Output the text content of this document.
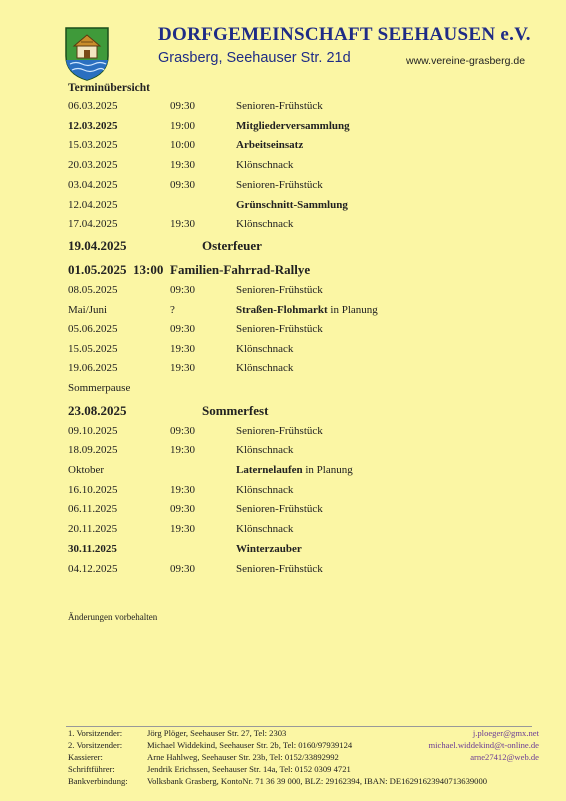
DORFGEMEINSCHAFT SEEHAUSEN e.V.
Grasberg, Seehauser Str. 21d	www.vereine-grasberg.de
Terminübersicht
06.03.2025	09:30	Senioren-Frühstück
12.03.2025	19:00	Mitgliederversammlung
15.03.2025	10:00	Arbeitseinsatz
20.03.2025	19:30	Klönschnack
03.04.2025	09:30	Senioren-Frühstück
12.04.2025	Grünschnitt-Sammlung
17.04.2025	19:30	Klönschnack
19.04.2025	Osterfeuer
01.05.2025 13:00 Familien-Fahrrad-Rallye
08.05.2025	09:30	Senioren-Frühstück
Mai/Juni	?	Straßen-Flohmarkt in Planung
05.06.2025	09:30	Senioren-Frühstück
15.05.2025	19:30	Klönschnack
19.06.2025	19:30	Klönschnack
Sommerpause
23.08.2025	Sommerfest
09.10.2025	09:30	Senioren-Frühstück
18.09.2025	19:30	Klönschnack
Oktober	Laternelaufen in Planung
16.10.2025	19:30	Klönschnack
06.11.2025	09:30	Senioren-Frühstück
20.11.2025	19:30	Klönschnack
30.11.2025	Winterzauber
04.12.2025	09:30	Senioren-Frühstück
Änderungen vorbehalten
1. Vorsitzender:	Jörg Plöger, Seehauser Str. 27, Tel: 2303	j.ploeger@gmx.net
2. Vorsitzender:	Michael Widdekind, Seehauser Str. 2b, Tel: 0160/97939124	michael.widdekind@t-online.de
Kassierer:	Arne Hahlweg, Seehauser Str. 23b, Tel: 0152/33892992	arne27412@web.de
Schriftführer:	Jendrik Erichssen, Seehauser Str. 14a, Tel: 0152 0309 4721
Bankverbindung: Volksbank Grasberg, KontoNr. 71 36 39 000, BLZ: 29162394, IBAN: DE16291623940713639000
